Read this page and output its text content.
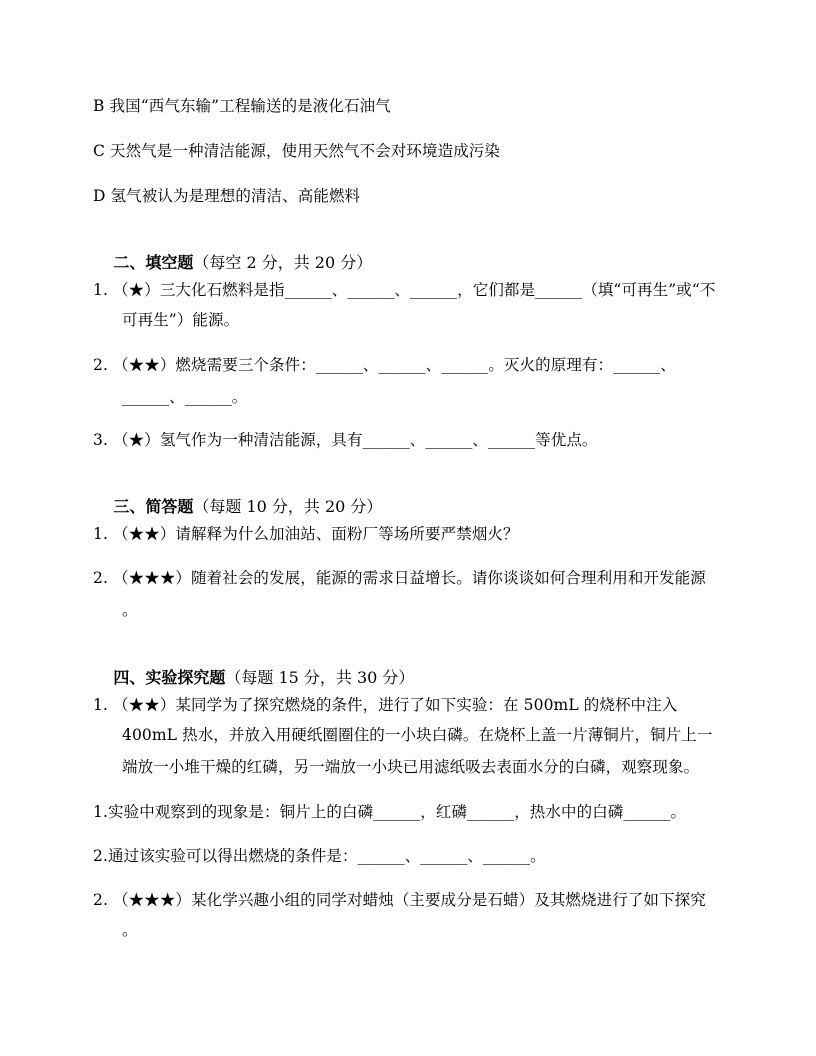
B 我国“西气东输”工程输送的是液化石油气
C 天然气是一种清洁能源，使用天然气不会对环境造成污染
D 氢气被认为是理想的清洁、高能燃料

二、填空题（每空 2 分，共 20 分）

1. （★）三大化石燃料是指______、______、______，它们都是______（填“可再生”或“不
可再生”）能源。
2. （★★）燃烧需要三个条件：______、______、______。灭火的原理有：______、
______、______。
3. （★）氢气作为一种清洁能源，具有______、______、______等优点。

三、简答题（每题 10 分，共 20 分）

1. （★★）请解释为什么加油站、面粉厂等场所要严禁烟火？
2. （★★★）随着社会的发展，能源的需求日益增长。请你谈谈如何合理利用和开发能源
。

四、实验探究题（每题 15 分，共 30 分）

1. （★★）某同学为了探究燃烧的条件，进行了如下实验：在 500mL 的烧杯中注入
400mL 热水，并放入用硬纸圈圈住的一小块白磷。在烧杯上盖一片薄铜片，铜片上一
端放一小堆干燥的红磷，另一端放一小块已用滤纸吸去表面水分的白磷，观察现象。
1.实验中观察到的现象是：铜片上的白磷______，红磷______，热水中的白磷______。
2.通过该实验可以得出燃烧的条件是：______、______、______。
2. （★★★）某化学兴趣小组的同学对蜡烛（主要成分是石蜡）及其燃烧进行了如下探究
。
